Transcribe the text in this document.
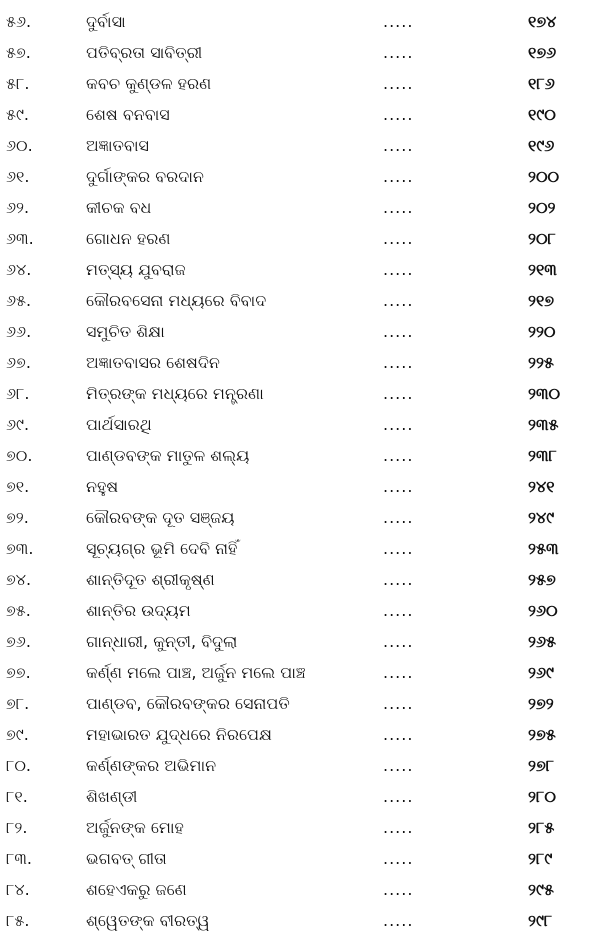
୫୬.	ଦୁର୍ବାସା	.....	୧୭୪
୫୭.	ପତିବ୍ରତା ସାବିତ୍ରୀ	.....	୧୭୬
୫୮.	କବଚ କୁଣ୍ଡଳ ହରଣ	.....	୧୮୬
୫୯.	ଶେଷ ବନବାସ	.....	୧୯୦
୬୦.	ଅଜ୍ଞାତବାସ	.....	୧୯୬
୬୧.	ଦୁର୍ଗାଙ୍କର ବରଦାନ	.....	୨୦୦
୬୨.	କୀଚକ ବଧ	.....	୨୦୨
୬୩.	ଗୋଧନ ହରଣ	.....	୨୦୮
୬୪.	ମତ୍ସ୍ୟ ଯୁବରାଜ	.....	୨୧୩
୬୫.	କୌରବସେନା ମଧ୍ୟରେ ବିବାଦ	.....	୨୧୭
୬୬.	ସମୁଚିତ ଶିକ୍ଷା	.....	୨୨୦
୬୭.	ଅଜ୍ଞାତବାସର ଶେଷଦିନ	.....	୨୨୫
୬୮.	ମିତ୍ରଙ୍କ ମଧ୍ୟରେ ମନ୍ତ୍ରଣା	.....	୨୩୦
୬୯.	ପାର୍ଥସାରଥି	.....	୨୩୫
୭୦.	ପାଣ୍ଡବଙ୍କ ମାତୁଳ ଶଲ୍ୟ	.....	୨୩୮
୭୧.	ନହୁଷ	.....	୨୪୧
୭୨.	କୌରବଙ୍କ ଦୂତ ସଞ୍ଜୟ	.....	୨୪୯
୭୩.	ସୂଚ୍ୟଗ୍ର ଭୂମି ଦେବି ନାହିଁ	.....	୨୫୩
୭୪.	ଶାନ୍ତିଦୂତ ଶ୍ରୀକୃଷ୍ଣ	.....	୨୫୭
୭୫.	ଶାନ୍ତିର ଉଦ୍ୟମ	.....	୨୬୦
୭୬.	ଗାନ୍ଧାରୀ, କୁନ୍ତୀ, ବିଦୁଲା	.....	୨୬୫
୭୭.	କର୍ଣ୍ଣ ମଲେ ପାଞ୍ଚ, ଅର୍ଜୁନ ମଲେ ପାଞ୍ଚ	.....	୨୬୯
୭୮.	ପାଣ୍ଡବ, କୌରବଙ୍କର ସେନାପତି	.....	୨୭୨
୭୯.	ମହାଭାରତ ଯୁଦ୍ଧରେ ନିରପେକ୍ଷ	.....	୨୭୫
୮୦.	କର୍ଣ୍ଣଙ୍କର ଅଭିମାନ	.....	୨୭୮
୮୧.	ଶିଖଣ୍ଡୀ	.....	୨୮୦
୮୨.	ଅର୍ଜୁନଙ୍କ ମୋହ	.....	୨୮୫
୮୩.	ଭଗବତ୍ ଗୀତା	.....	୨୮୯
୮୪.	ଶହେଏକରୁ ଜଣେ	.....	୨୯୫
୮୫.	ଶ୍ୱେତଙ୍କ ବୀରତ୍ୱ	.....	୨୯୮
